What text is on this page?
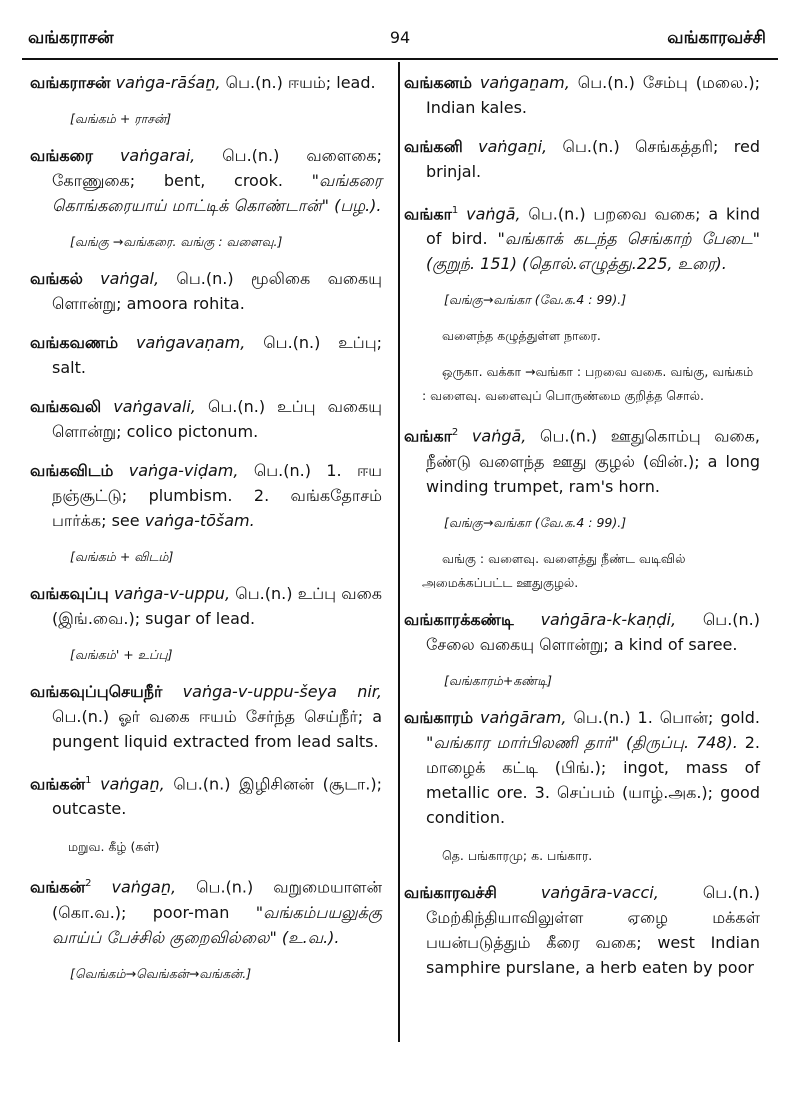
வங்கராசன்	94	வங்காரவச்சி
வங்கராசன் vaṅga-rāśaṉ, பெ.(n.) ஈயம்; lead.
[வங்கம் + ராசன்]
வங்கரை vaṅgarai, பெ.(n.) வளைகை; கோணுகை; bent, crook. "வங்கரை கொங்கரையாய் மாட்டிக் கொண்டான்" (பழ.).
[வங்கு →வங்கரை. வங்கு : வளைவு.]
வங்கல் vaṅgal, பெ.(n.) மூலிகை வகையு ளொன்று; amoora rohita.
வங்கவணம் vaṅgavaṇam, பெ.(n.) உப்பு; salt.
வங்கவலி vaṅgavali, பெ.(n.) உப்பு வகையு ளொன்று; colico pictonum.
வங்கவிடம் vaṅga-viḍam, பெ.(n.) 1. ஈய நஞ்சூட்டு; plumbism. 2. வங்கதோசம் பார்க்க; see vaṅga-tōšam.
[வங்கம் + விடம்]
வங்கவுப்பு vaṅga-v-uppu, பெ.(n.) உப்பு வகை (இங்.வை.); sugar of lead.
[வங்கம்' + உப்பு]
வங்கவுப்புசெயநீர் vaṅga-v-uppu-šeya nir, பெ.(n.) ஓர் வகை ஈயம் சேர்ந்த செய்நீர்; a pungent liquid extracted from lead salts.
வங்கன்$^1$ vaṅgaṉ, பெ.(n.) இழிசினன் (சூடா.); outcaste.
மறுவ. கீழ் (கள்)
வங்கன்$^2$ vaṅgaṉ, பெ.(n.) வறுமையாளன் (கொ.வ.); poor-man "வங்கம்பயலுக்கு வாய்ப் பேச்சில் குறைவில்லை" (உ.வ.).
[வெங்கம்→வெங்கன்→வங்கன்.]
வங்கனம் vaṅgaṉam, பெ.(n.) சேம்பு (மலை.); Indian kales.
வங்கனி vaṅgaṉi, பெ.(n.) செங்கத்தரி; red brinjal.
வங்கா$^1$ vaṅgā, பெ.(n.) பறவை வகை; a kind of bird. "வங்காக் கடந்த செங்காற் பேடை" (குறுந். 151) (தொல்.எழுத்து.225, உரை).
[வங்கு→வங்கா (வே.க.4 : 99).]
வளைந்த கழுத்துள்ள நாரை.
ஒருகா. வக்கா →வங்கா : பறவை வகை. வங்கு, வங்கம் : வளைவு. வளைவுப் பொருண்மை குறித்த சொல்.
வங்கா$^2$ vaṅgā, பெ.(n.) ஊதுகொம்பு வகை, நீண்டு வளைந்த ஊது குழல் (வின்.); a long winding trumpet, ram's horn.
[வங்கு→வங்கா (வே.க.4 : 99).]
வங்கு : வளைவு. வளைத்து நீண்ட வடிவில் அமைக்கப்பட்ட ஊதுகுழல்.
வங்காரக்கண்டி vaṅgāra-k-kaṇḍi, பெ.(n.) சேலை வகையு ளொன்று; a kind of saree.
[வங்காரம்+கண்டி]
வங்காரம் vaṅgāram, பெ.(n.) 1. பொன்; gold. "வங்கார மார்பிலணி தார்" (திருப்பு. 748). 2. மாழைக் கட்டி (பிங்.); ingot, mass of metallic ore. 3. செப்பம் (யாழ்.அக.); good condition.
தெ. பங்காரமு; க. பங்கார.
வங்காரவச்சி	vaṅgāra-vacci, பெ.(n.) மேற்கிந்தியாவிலுள்ள ஏழை மக்கள் பயன்படுத்தும் கீரை வகை; west Indian samphire purslane, a herb eaten by poor
